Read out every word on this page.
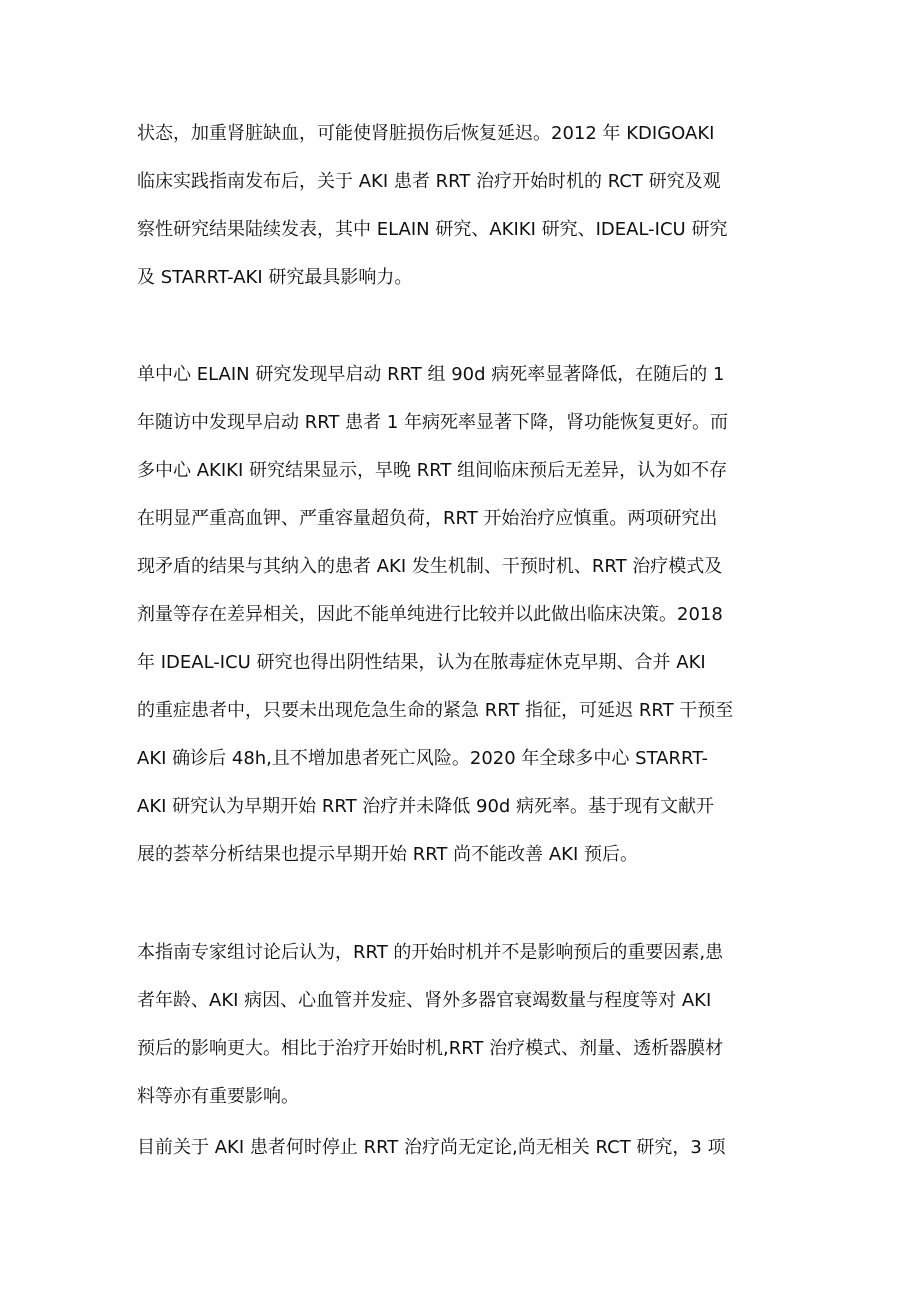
状态，加重肾脏缺血，可能使肾脏损伤后恢复延迟。2012 年 KDIGOAKI
临床实践指南发布后，关于 AKI 患者 RRT 治疗开始时机的 RCT 研究及观
察性研究结果陆续发表，其中 ELAIN 研究、AKIKI 研究、IDEAL-ICU 研究
及 STARRT-AKI 研究最具影响力。
单中心 ELAIN 研究发现早启动 RRT 组 90d 病死率显著降低，在随后的 1
年随访中发现早启动 RRT 患者 1 年病死率显著下降，肾功能恢复更好。而
多中心 AKIKI 研究结果显示，早晚 RRT 组间临床预后无差异，认为如不存
在明显严重高血钾、严重容量超负荷，RRT 开始治疗应慎重。两项研究出
现矛盾的结果与其纳入的患者 AKI 发生机制、干预时机、RRT 治疗模式及
剂量等存在差异相关，因此不能单纯进行比较并以此做出临床决策。2018
年 IDEAL-ICU 研究也得出阴性结果，认为在脓毒症休克早期、合并 AKI
的重症患者中，只要未出现危急生命的紧急 RRT 指征，可延迟 RRT 干预至
AKI 确诊后 48h,且不增加患者死亡风险。2020 年全球多中心 STARRT-
AKI 研究认为早期开始 RRT 治疗并未降低 90d 病死率。基于现有文献开
展的荟萃分析结果也提示早期开始 RRT 尚不能改善 AKI 预后。
本指南专家组讨论后认为，RRT 的开始时机并不是影响预后的重要因素,患
者年龄、AKI 病因、心血管并发症、肾外多器官衰竭数量与程度等对 AKI
预后的影响更大。相比于治疗开始时机,RRT 治疗模式、剂量、透析器膜材
料等亦有重要影响。
目前关于 AKI 患者何时停止 RRT 治疗尚无定论,尚无相关 RCT 研究，3 项
